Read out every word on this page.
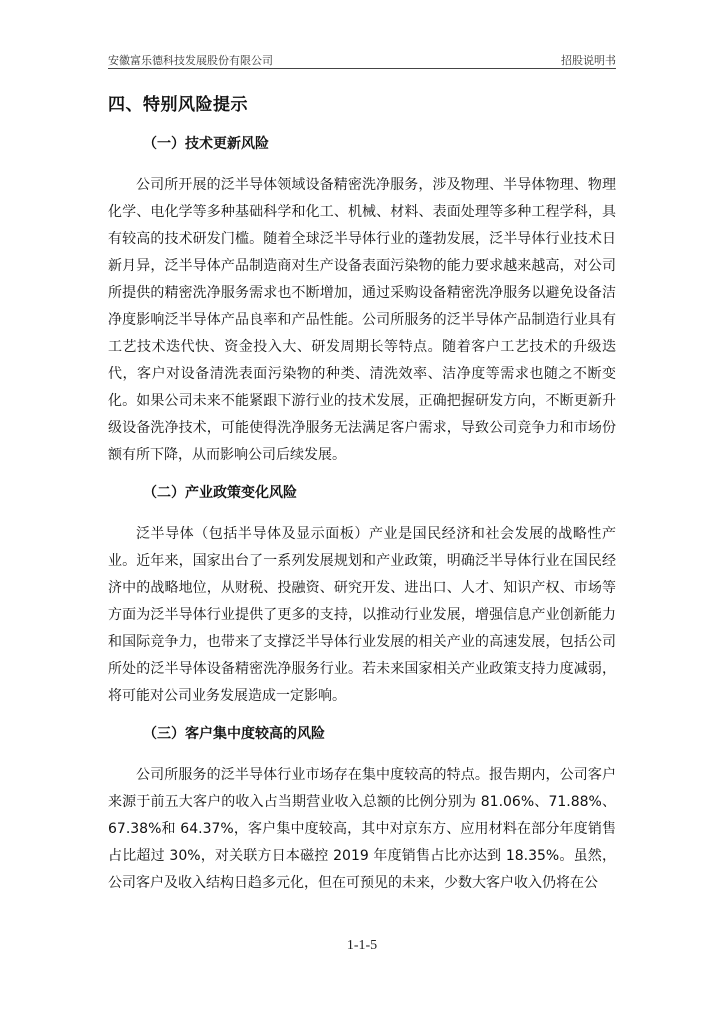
安徽富乐德科技发展股份有限公司	招股说明书
四、特别风险提示
（一）技术更新风险

公司所开展的泛半导体领域设备精密洗净服务，涉及物理、半导体物理、物理化学、电化学等多种基础科学和化工、机械、材料、表面处理等多种工程学科，具有较高的技术研发门槛。随着全球泛半导体行业的蓬勃发展，泛半导体行业技术日新月异，泛半导体产品制造商对生产设备表面污染物的能力要求越来越高，对公司所提供的精密洗净服务需求也不断增加，通过采购设备精密洗净服务以避免设备洁净度影响泛半导体产品良率和产品性能。公司所服务的泛半导体产品制造行业具有工艺技术迭代快、资金投入大、研发周期长等特点。随着客户工艺技术的升级迭代，客户对设备清洗表面污染物的种类、清洗效率、洁净度等需求也随之不断变化。如果公司未来不能紧跟下游行业的技术发展，正确把握研发方向，不断更新升级设备洗净技术，可能使得洗净服务无法满足客户需求，导致公司竞争力和市场份额有所下降，从而影响公司后续发展。

（二）产业政策变化风险

泛半导体（包括半导体及显示面板）产业是国民经济和社会发展的战略性产业。近年来，国家出台了一系列发展规划和产业政策，明确泛半导体行业在国民经济中的战略地位，从财税、投融资、研究开发、进出口、人才、知识产权、市场等方面为泛半导体行业提供了更多的支持，以推动行业发展，增强信息产业创新能力和国际竞争力，也带来了支撑泛半导体行业发展的相关产业的高速发展，包括公司所处的泛半导体设备精密洗净服务行业。若未来国家相关产业政策支持力度减弱，将可能对公司业务发展造成一定影响。

（三）客户集中度较高的风险

公司所服务的泛半导体行业市场存在集中度较高的特点。报告期内，公司客户来源于前五大客户的收入占当期营业收入总额的比例分别为 81.06%、71.88%、67.38%和 64.37%，客户集中度较高，其中对京东方、应用材料在部分年度销售占比超过 30%，对关联方日本磁控 2019 年度销售占比亦达到 18.35%。虽然，公司客户及收入结构日趋多元化，但在可预见的未来，少数大客户收入仍将在公

1-1-5
